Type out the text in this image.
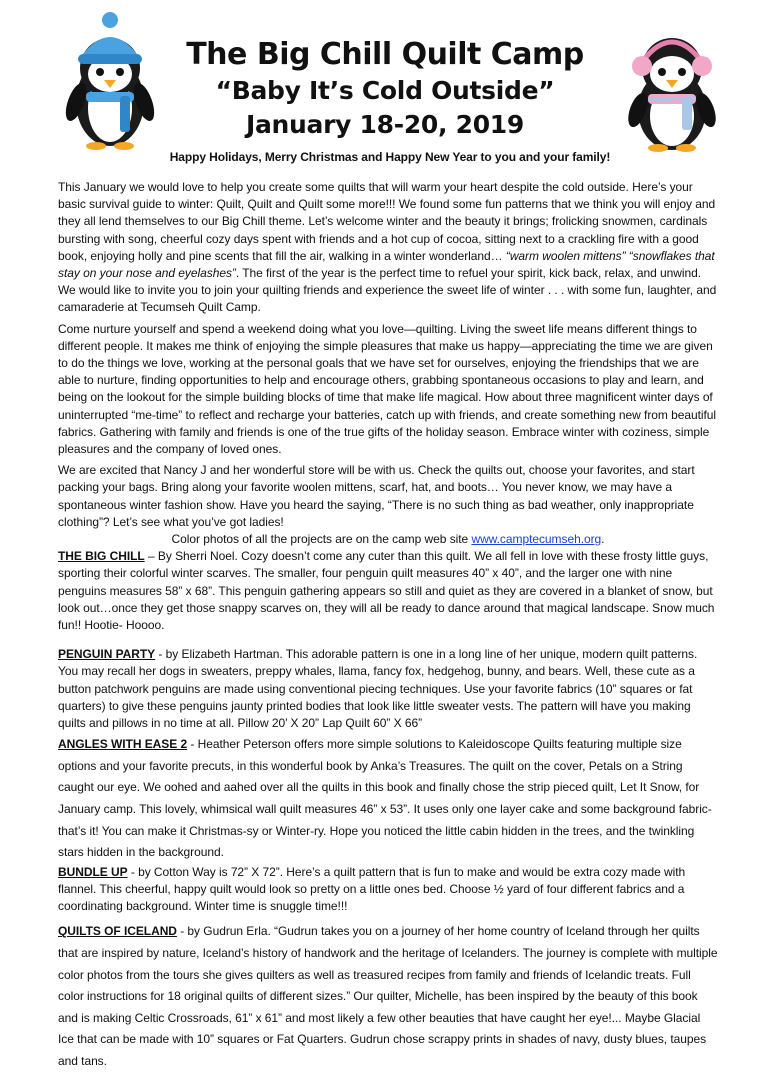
The Big Chill Quilt Camp
“Baby It’s Cold Outside”
January 18-20, 2019
Happy Holidays, Merry Christmas and Happy New Year to you and your family!

This January we would love to help you create some quilts that will warm your heart despite the cold outside. Here’s your basic survival guide to winter: Quilt, Quilt and Quilt some more!!! We found some fun patterns that we think you will enjoy and they all lend themselves to our Big Chill theme. Let’s welcome winter and the beauty it brings; frolicking snowmen, cardinals bursting with song, cheerful cozy days spent with friends and a hot cup of cocoa, sitting next to a crackling fire with a good book, enjoying holly and pine scents that fill the air, walking in a winter wonderland… “warm woolen mittens” “snowflakes that stay on your nose and eyelashes”. The first of the year is the perfect time to refuel your spirit, kick back, relax, and unwind. We would like to invite you to join your quilting friends and experience the sweet life of winter . . . with some fun, laughter, and camaraderie at Tecumseh Quilt Camp.

Come nurture yourself and spend a weekend doing what you love—quilting. Living the sweet life means different things to different people. It makes me think of enjoying the simple pleasures that make us happy—appreciating the time we are given to do the things we love, working at the personal goals that we have set for ourselves, enjoying the friendships that we are able to nurture, finding opportunities to help and encourage others, grabbing spontaneous occasions to play and learn, and being on the lookout for the simple building blocks of time that make life magical. How about three magnificent winter days of uninterrupted “me-time” to reflect and recharge your batteries, catch up with friends, and create something new from beautiful fabrics. Gathering with family and friends is one of the true gifts of the holiday season. Embrace winter with coziness, simple pleasures and the company of loved ones.

We are excited that Nancy J and her wonderful store will be with us. Check the quilts out, choose your favorites, and start packing your bags. Bring along your favorite woolen mittens, scarf, hat, and boots… You never know, we may have a spontaneous winter fashion show. Have you heard the saying, “There is no such thing as bad weather, only inappropriate clothing”? Let’s see what you’ve got ladies!

Color photos of all the projects are on the camp web site www.camptecumseh.org.

THE BIG CHILL – By Sherri Noel. Cozy doesn’t come any cuter than this quilt. We all fell in love with these frosty little guys, sporting their colorful winter scarves. The smaller, four penguin quilt measures 40” x 40”, and the larger one with nine penguins measures 58” x 68”. This penguin gathering appears so still and quiet as they are covered in a blanket of snow, but look out…once they get those snappy scarves on, they will all be ready to dance around that magical landscape. Snow much fun!! Hootie- Hoooo.

PENGUIN PARTY - by Elizabeth Hartman. This adorable pattern is one in a long line of her unique, modern quilt patterns. You may recall her dogs in sweaters, preppy whales, llama, fancy fox, hedgehog, bunny, and bears. Well, these cute as a button patchwork penguins are made using conventional piecing techniques. Use your favorite fabrics (10” squares or fat quarters) to give these penguins jaunty printed bodies that look like little sweater vests. The pattern will have you making quilts and pillows in no time at all. Pillow 20’ X 20” Lap Quilt 60” X 66”

ANGLES WITH EASE 2 - Heather Peterson offers more simple solutions to Kaleidoscope Quilts featuring multiple size options and your favorite precuts, in this wonderful book by Anka’s Treasures. The quilt on the cover, Petals on a String caught our eye. We oohed and aahed over all the quilts in this book and finally chose the strip pieced quilt, Let It Snow, for January camp. This lovely, whimsical wall quilt measures 46” x 53”. It uses only one layer cake and some background fabric- that’s it! You can make it Christmas-sy or Winter-ry. Hope you noticed the little cabin hidden in the trees, and the twinkling stars hidden in the background.

BUNDLE UP - by Cotton Way is 72” X 72”. Here’s a quilt pattern that is fun to make and would be extra cozy made with flannel. This cheerful, happy quilt would look so pretty on a little ones bed. Choose ½ yard of four different fabrics and a coordinating background. Winter time is snuggle time!!!

QUILTS OF ICELAND - by Gudrun Erla. “Gudrun takes you on a journey of her home country of Iceland through her quilts that are inspired by nature, Iceland’s history of handwork and the heritage of Icelanders. The journey is complete with multiple color photos from the tours she gives quilters as well as treasured recipes from family and friends of Icelandic treats. Full color instructions for 18 original quilts of different sizes.” Our quilter, Michelle, has been inspired by the beauty of this book and is making Celtic Crossroads, 61” x 61” and most likely a few other beauties that have caught her eye!... Maybe Glacial Ice that can be made with 10” squares or Fat Quarters. Gudrun chose scrappy prints in shades of navy, dusty blues, taupes and tans.
